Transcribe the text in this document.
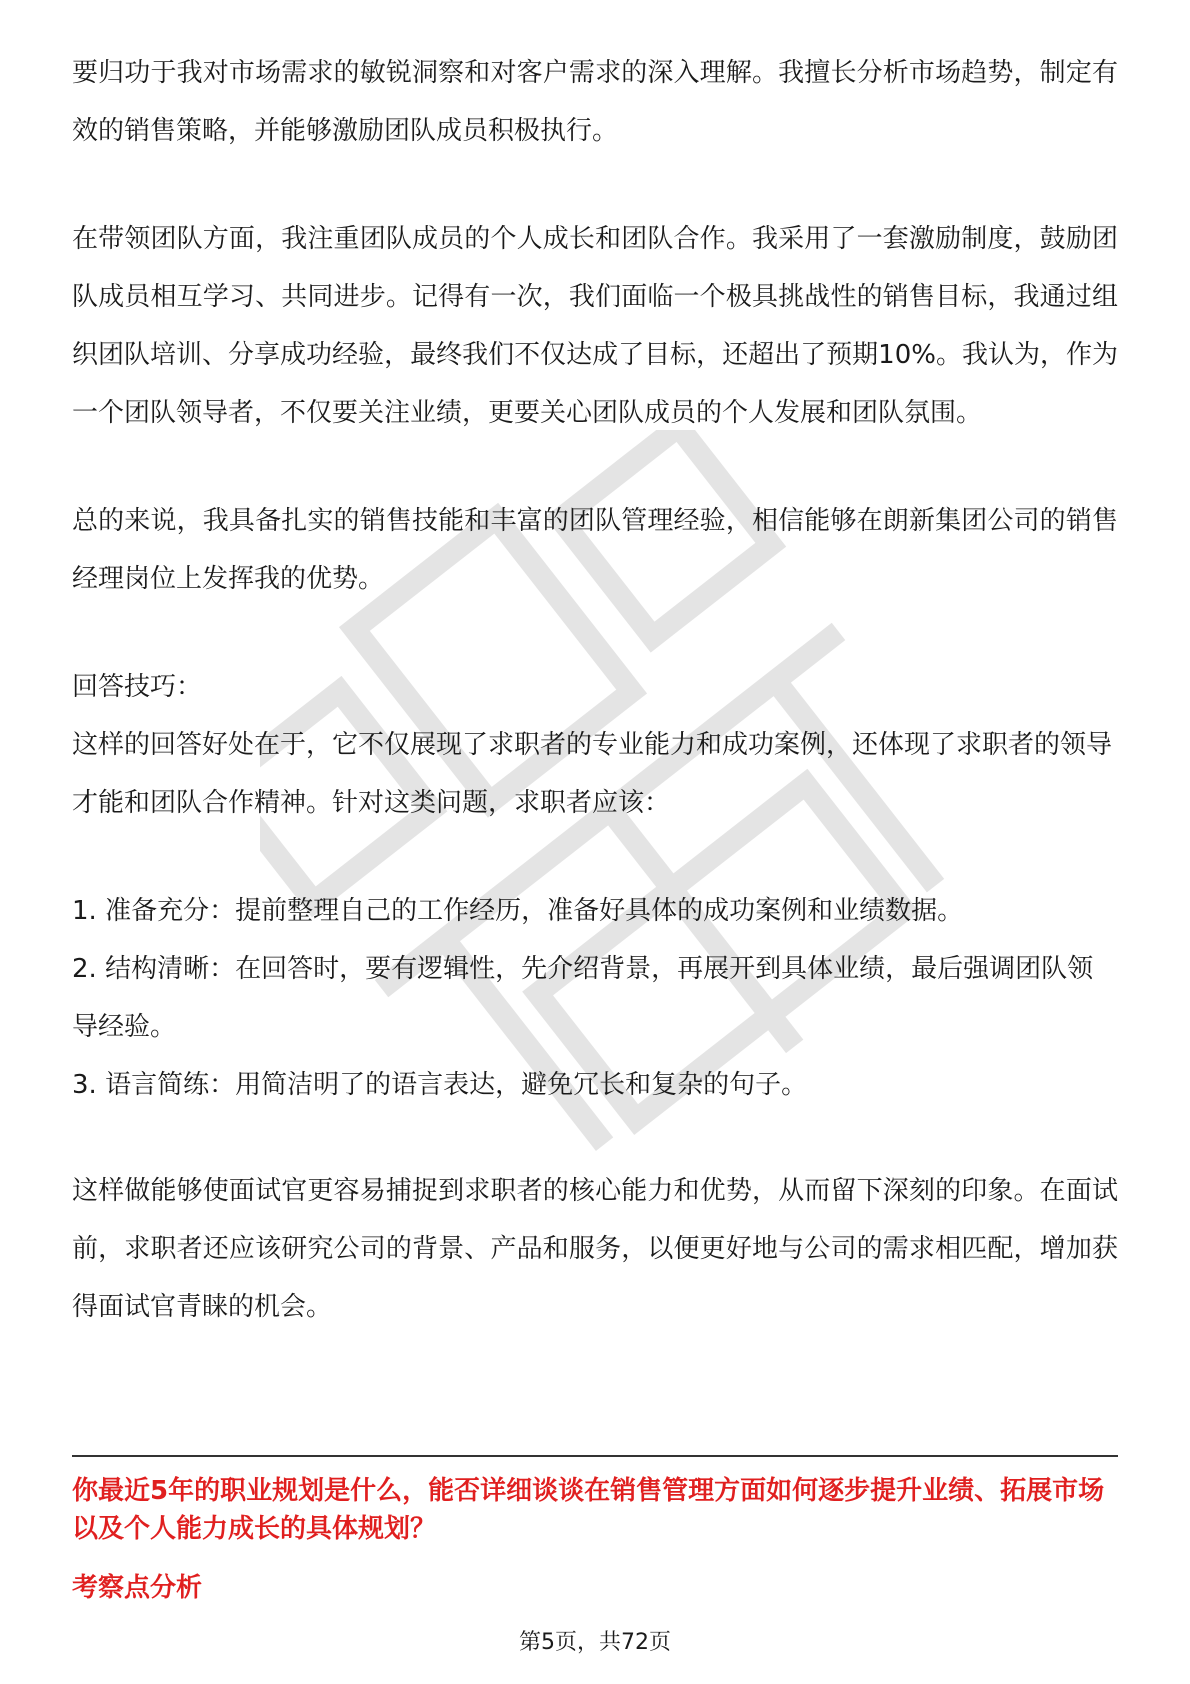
要归功于我对市场需求的敏锐洞察和对客户需求的深入理解。我擅长分析市场趋势，制定有效的销售策略，并能够激励团队成员积极执行。

在带领团队方面，我注重团队成员的个人成长和团队合作。我采用了一套激励制度，鼓励团队成员相互学习、共同进步。记得有一次，我们面临一个极具挑战性的销售目标，我通过组织团队培训、分享成功经验，最终我们不仅达成了目标，还超出了预期10%。我认为，作为一个团队领导者，不仅要关注业绩，更要关心团队成员的个人发展和团队氛围。

总的来说，我具备扎实的销售技能和丰富的团队管理经验，相信能够在朗新集团公司的销售经理岗位上发挥我的优势。

回答技巧：

这样的回答好处在于，它不仅展现了求职者的专业能力和成功案例，还体现了求职者的领导才能和团队合作精神。针对这类问题，求职者应该：

1. 准备充分：提前整理自己的工作经历，准备好具体的成功案例和业绩数据。
2. 结构清晰：在回答时，要有逻辑性，先介绍背景，再展开到具体业绩，最后强调团队领导经验。
3. 语言简练：用简洁明了的语言表达，避免冗长和复杂的句子。

这样做能够使面试官更容易捕捉到求职者的核心能力和优势，从而留下深刻的印象。在面试前，求职者还应该研究公司的背景、产品和服务，以便更好地与公司的需求相匹配，增加获得面试官青睐的机会。

你最近5年的职业规划是什么，能否详细谈谈在销售管理方面如何逐步提升业绩、拓展市场以及个人能力成长的具体规划？

考察点分析

第5页，共72页
